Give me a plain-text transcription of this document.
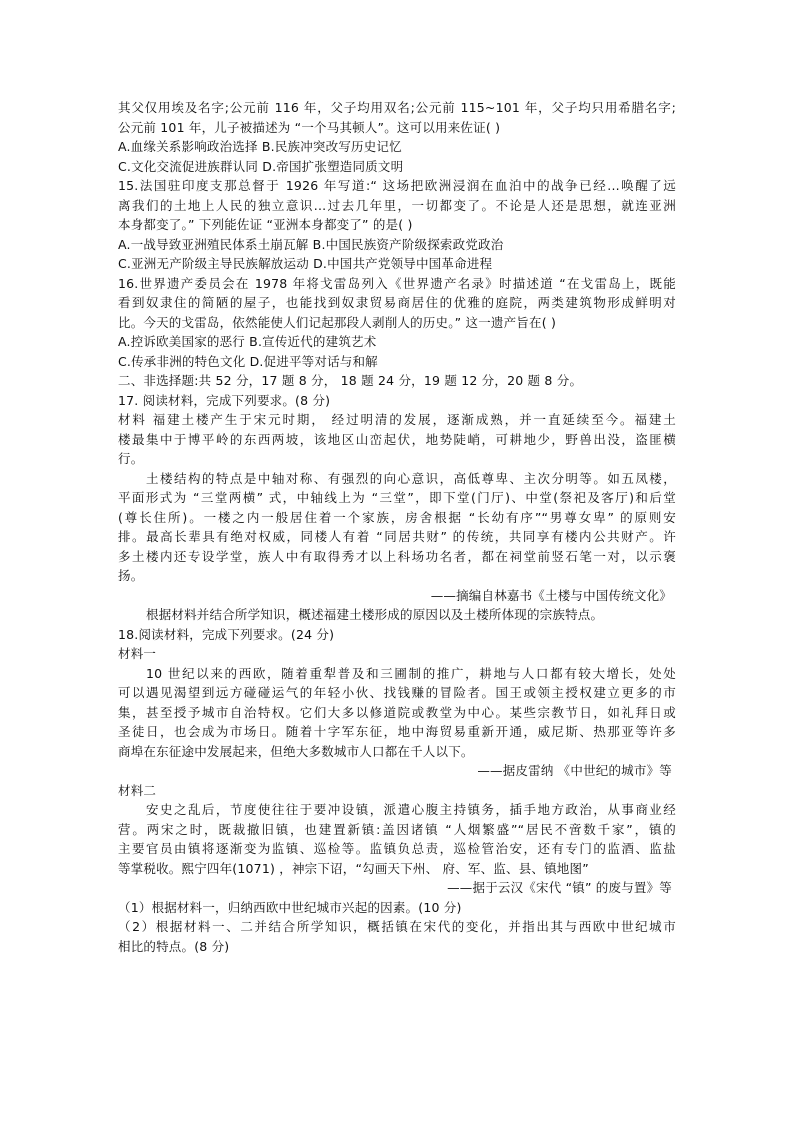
其父仅用埃及名字;公元前 116 年，父子均用双名;公元前 115~101 年，父子均只用希腊名字;
公元前 101 年，儿子被描述为 “一个马其顿人”。这可以用来佐证( )
A.血缘关系影响政治选择 B.民族冲突改写历史记忆
C.文化交流促进族群认同 D.帝国扩张塑造同质文明
15.法国驻印度支那总督于 1926 年写道:“ 这场把欧洲浸润在血泊中的战争已经...唤醒了远
离我们的土地上人民的独立意识...过去几年里，一切都变了。不论是人还是思想，就连亚洲
本身都变了。” 下列能佐证 “亚洲本身都变了” 的是( )
A.一战导致亚洲殖民体系土崩瓦解 B.中国民族资产阶级探索政党政治
C.亚洲无产阶级主导民族解放运动 D.中国共产党领导中国革命进程
16.世界遗产委员会在 1978 年将戈雷岛列入《世界遗产名录》时描述道 “在戈雷岛上，既能
看到奴隶住的简陋的屋子，也能找到奴隶贸易商居住的优雅的庭院，两类建筑物形成鲜明对
比。今天的戈雷岛，依然能使人们记起那段人剥削人的历史。” 这一遗产旨在( )
A.控诉欧美国家的恶行 B.宣传近代的建筑艺术
C.传承非洲的特色文化 D.促进平等对话与和解
二、非选择题:共 52 分，17 题 8 分， 18 题 24 分，19 题 12 分，20 题 8 分。
17. 阅读材料，完成下列要求。(8 分)
材料 福建土楼产生于宋元时期， 经过明清的发展，逐渐成熟，并一直延续至今。福建土
楼最集中于博平岭的东西两坡，该地区山峦起伏，地势陡峭，可耕地少，野兽出没，盗匪横
行。
土楼结构的特点是中轴对称、有强烈的向心意识，高低尊卑、主次分明等。如五凤楼，
平面形式为 “三堂两横” 式，中轴线上为 “三堂”，即下堂(门厅)、中堂(祭祀及客厅)和后堂
(尊长住所)。一楼之内一般居住着一个家族，房舍根据 “长幼有序”“男尊女卑” 的原则安
排。最高长辈具有绝对权威，同楼人有着 “同居共财” 的传统，共同享有楼内公共财产。许
多土楼内还专设学堂，族人中有取得秀才以上科场功名者，都在祠堂前竖石笔一对，以示褒
扬。
——摘编自林嘉书《土楼与中国传统文化》
根据材料并结合所学知识，概述福建土楼形成的原因以及土楼所体现的宗族特点。
18.阅读材料，完成下列要求。(24 分)
材料一
10 世纪以来的西欧，随着重犁普及和三圃制的推广，耕地与人口都有较大增长，处处
可以遇见渴望到远方碰碰运气的年轻小伙、找钱赚的冒险者。国王或领主授权建立更多的市
集，甚至授予城市自治特权。它们大多以修道院或教堂为中心。某些宗教节日，如礼拜日或
圣徒日，也会成为市场日。随着十字军东征，地中海贸易重新开通，威尼斯、热那亚等许多
商埠在东征途中发展起来，但绝大多数城市人口都在千人以下。
——据皮雷纳 《中世纪的城市》等
材料二
安史之乱后，节度使往往于要冲设镇，派遣心腹主持镇务，插手地方政治，从事商业经
营。两宋之时，既裁撤旧镇，也建置新镇:盖因诸镇 “人烟繁盛”“居民不啻数千家”，镇的
主要官员由镇将逐渐变为监镇、巡检等。监镇负总责，巡检管治安，还有专门的监酒、监盐
等掌税收。熙宁四年(1071) ，神宗下诏，“勾画天下州、 府、军、监、县、镇地图”
——据于云汉《宋代 “镇” 的废与置》等
（1）根据材料一，归纳西欧中世纪城市兴起的因素。(10 分)
（2）根据材料一、二并结合所学知识，概括镇在宋代的变化，并指出其与西欧中世纪城市
相比的特点。(8 分)
